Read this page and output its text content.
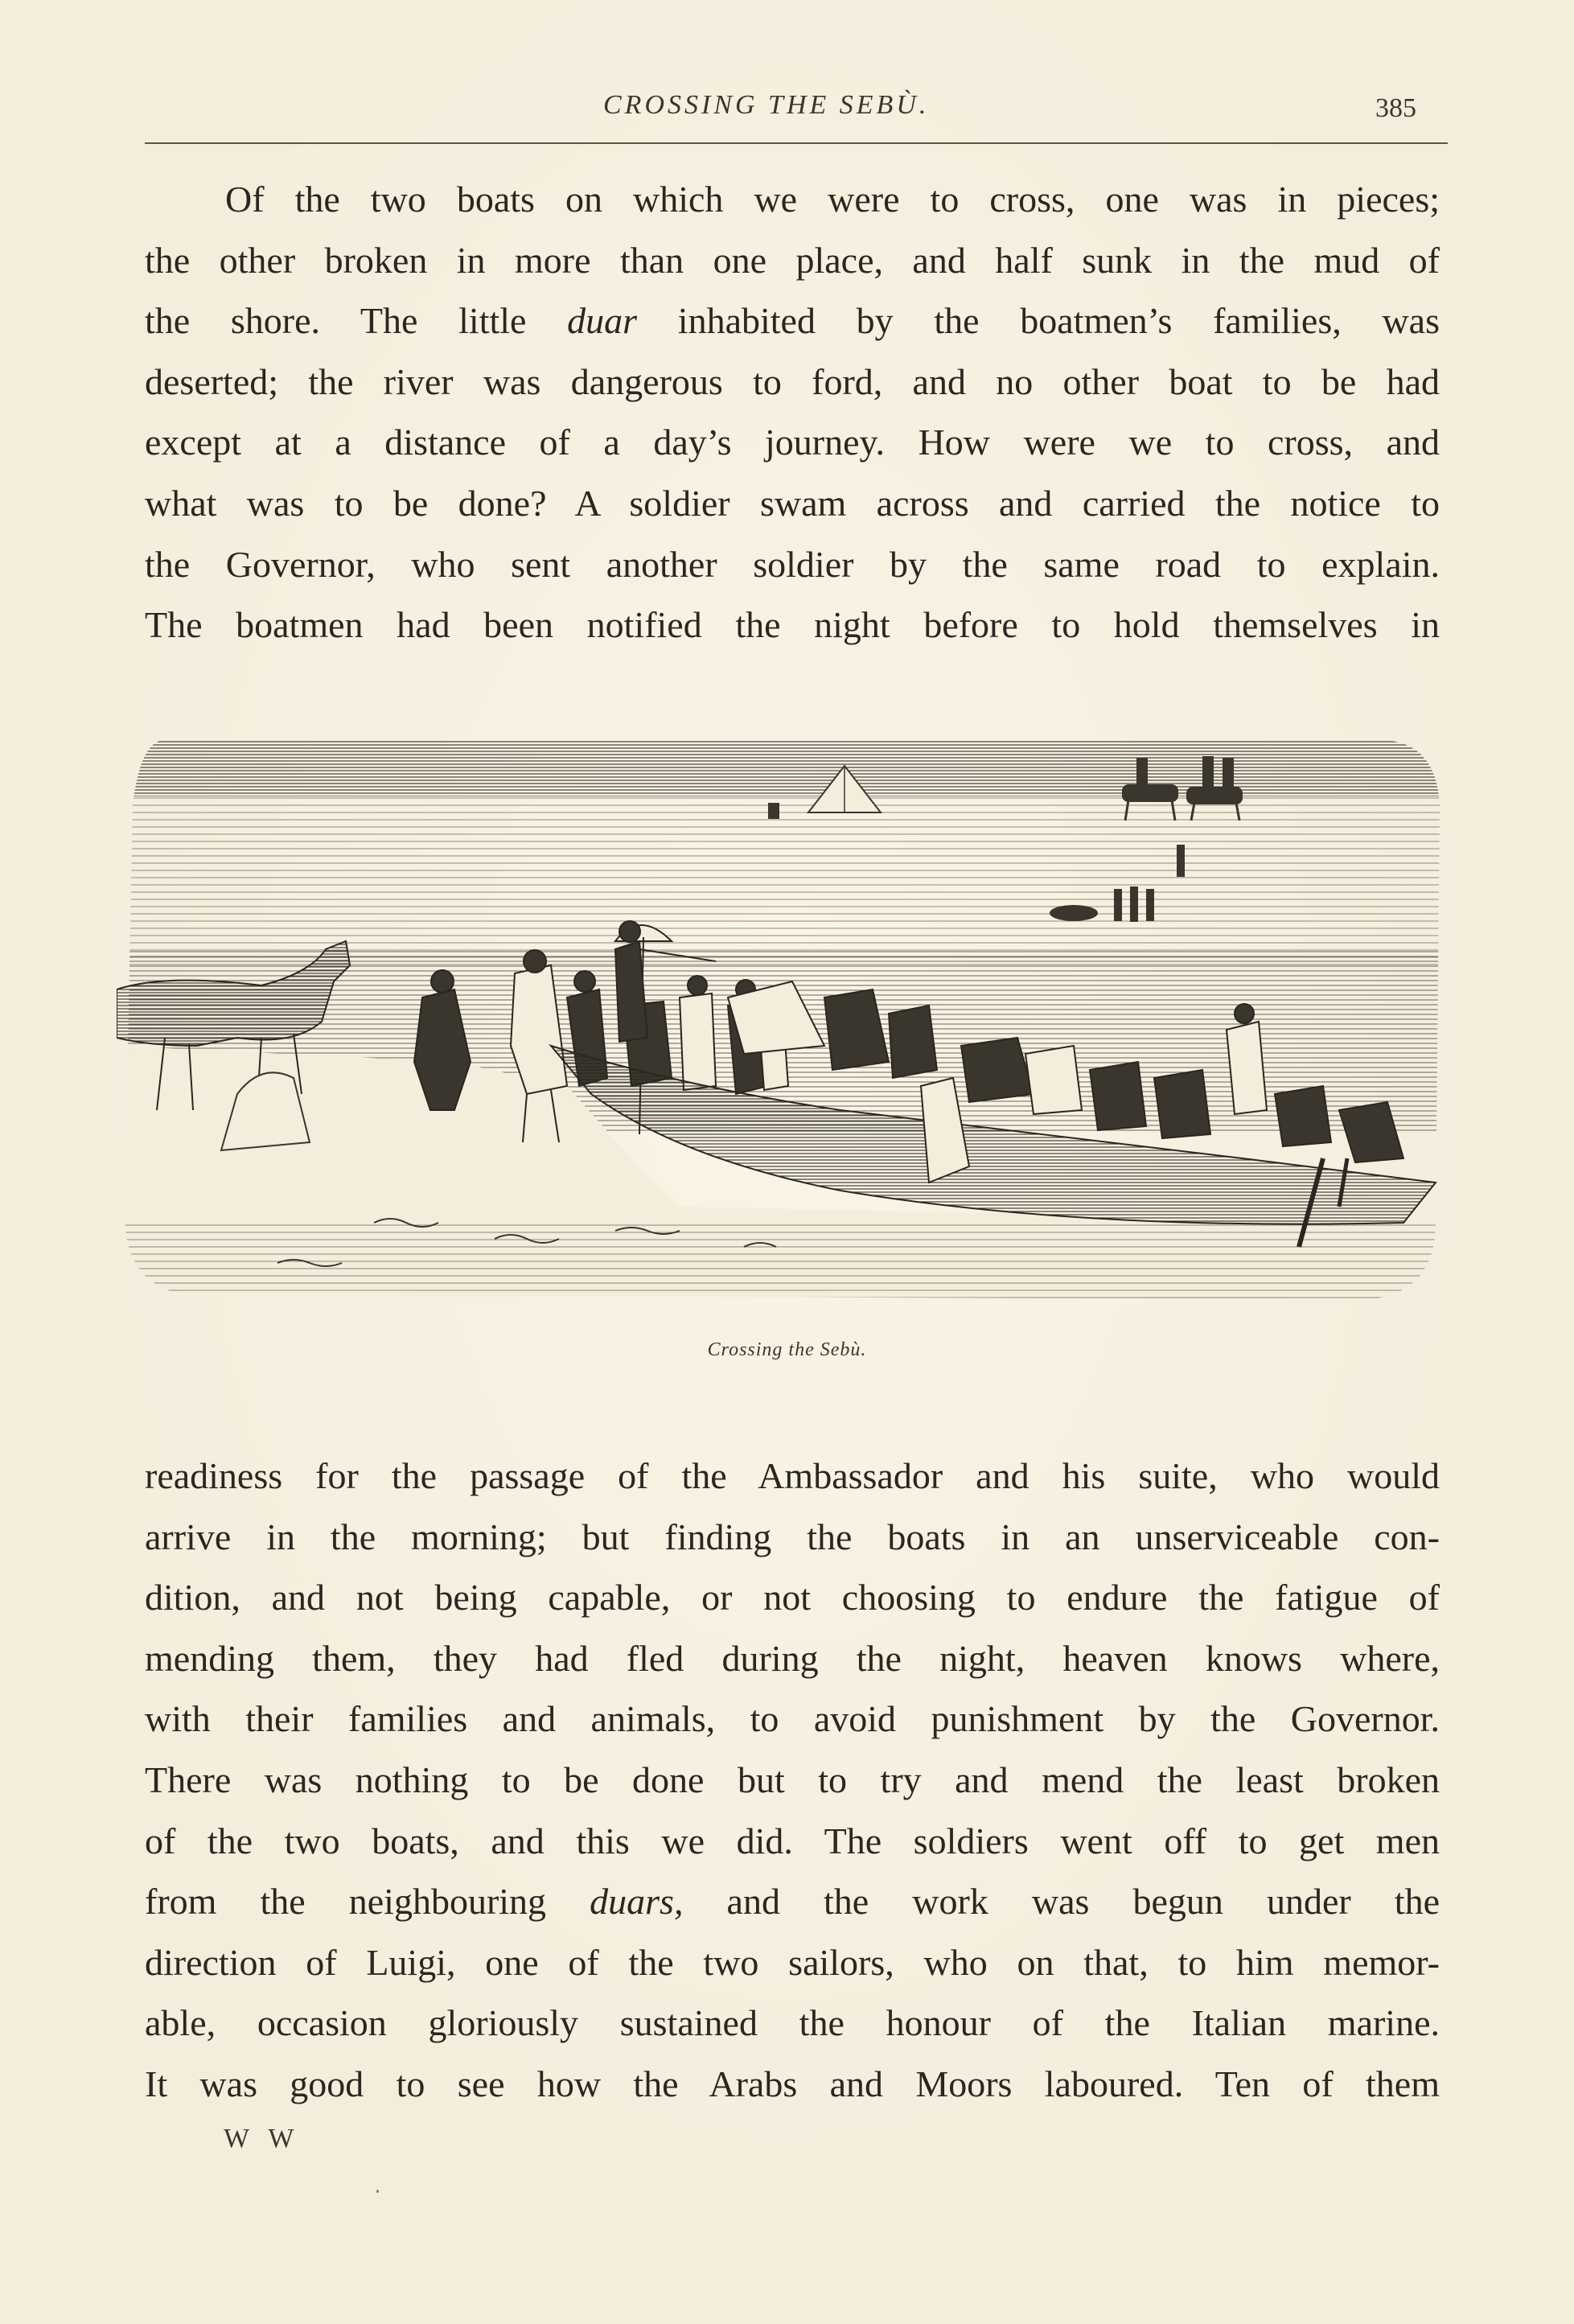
CROSSING THE SEBÙ.	385
Of the two boats on which we were to cross, one was in pieces;
the other broken in more than one place, and half sunk in the mud of
the shore. The little duar inhabited by the boatmen’s families, was
deserted; the river was dangerous to ford, and no other boat to be had
except at a distance of a day’s journey. How were we to cross, and
what was to be done? A soldier swam across and carried the notice to
the Governor, who sent another soldier by the same road to explain.
The boatmen had been notified the night before to hold themselves in
Crossing the Sebù.
readiness for the passage of the Ambassador and his suite, who would
arrive in the morning; but finding the boats in an unserviceable con-
dition, and not being capable, or not choosing to endure the fatigue of
mending them, they had fled during the night, heaven knows where,
with their families and animals, to avoid punishment by the Governor.
There was nothing to be done but to try and mend the least broken
of the two boats, and this we did. The soldiers went off to get men
from the neighbouring duars, and the work was begun under the
direction of Luigi, one of the two sailors, who on that, to him memor-
able, occasion gloriously sustained the honour of the Italian marine.
It was good to see how the Arabs and Moors laboured. Ten of them
W W
